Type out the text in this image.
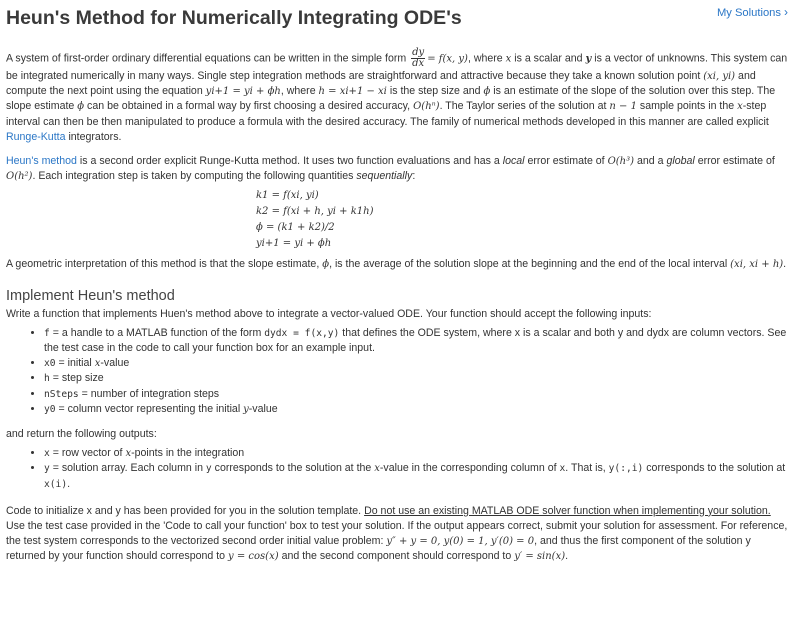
Heun's Method for Numerically Integrating ODE's	My Solutions ›

A system of first-order ordinary differential equations can be written in the simple form $\frac{dy}{dx} = f(x$, y), where x is a scalar and y is a vector of unknowns. This system can be integrated numerically in many ways. Single step integration methods are straightforward and attractive because they take a known solution point (xi, yi) and compute the next point using the equation yi+1 = yi + ϕh, where h = xi+1 − xi is the step size and ϕ is an estimate of the slope of the solution over this step. The slope estimate ϕ can be obtained in a formal way by first choosing a desired accuracy, O(hⁿ). The Taylor series of the solution at n − 1 sample points in the x-step interval can then be then manipulated to produce a formula with the desired accuracy. The family of numerical methods developed in this manner are called explicit Runge-Kutta integrators.

Heun's method is a second order explicit Runge-Kutta method. It uses two function evaluations and has a local error estimate of O(h³) and a global error estimate of O(h²). Each integration step is taken by computing the following quantities sequentially:

k1 = f(xi, yi)
k2 = f(xi + h, yi + k1h)
ϕ = (k1 + k2)/2
yi+1 = yi + ϕh

A geometric interpretation of this method is that the slope estimate, ϕ, is the average of the solution slope at the beginning and the end of the local interval (xi, xi + h).

Implement Heun's method

Write a function that implements Huen's method above to integrate a vector-valued ODE. Your function should accept the following inputs:

• f = a handle to a MATLAB function of the form dydx = f(x,y) that defines the ODE system, where x is a scalar and both y and dydx are column vectors. See the test case in the code to call your function box for an example input.
• x0 = initial x-value
• h = step size
• nSteps = number of integration steps
• y0 = column vector representing the initial y-value

and return the following outputs:

• x = row vector of x-points in the integration
• y = solution array. Each column in y corresponds to the solution at the x-value in the corresponding column of x. That is, y(:,i) corresponds to the solution at x(i).

Code to initialize x and y has been provided for you in the solution template. Do not use an existing MATLAB ODE solver function when implementing your solution. Use the test case provided in the 'Code to call your function' box to test your solution. If the output appears correct, submit your solution for assessment. For reference, the test system corresponds to the vectorized second order initial value problem: y″ + y = 0, y(0) = 1, y′(0) = 0, and thus the first component of the solution y returned by your function should correspond to y = cos(x) and the second component should correspond to y′ = sin(x).
